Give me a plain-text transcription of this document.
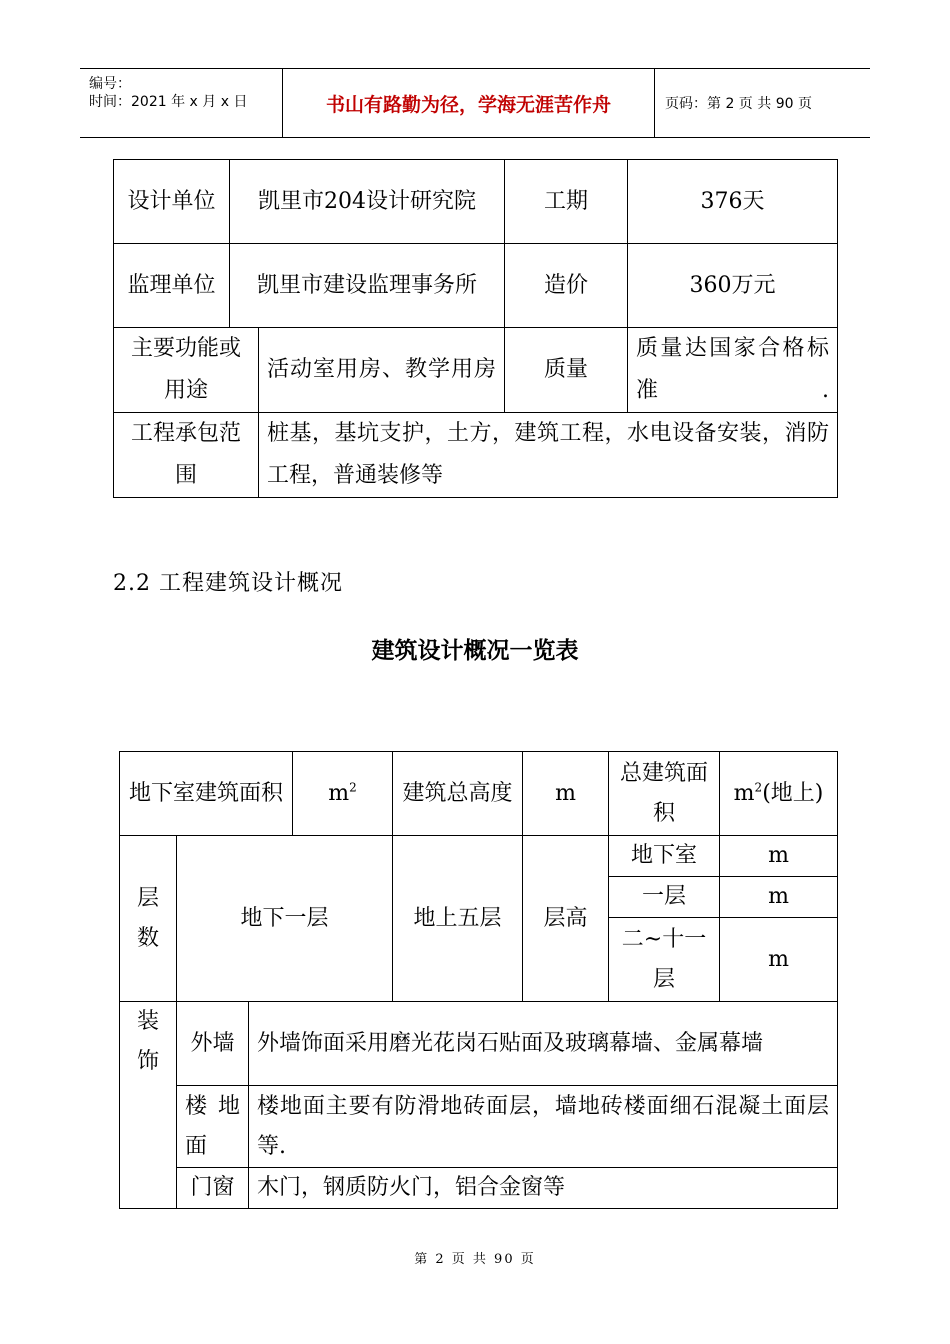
编号：
时间：2021 年 x 月 x 日	书山有路勤为径，学海无涯苦作舟	页码：第 2 页 共 90 页
设计单位	凯里市204设计研究院		工期	376天
监理单位	凯里市建设监理事务所		造价	360万元
主要功能或用途		活动室用房、教学用房	质量	质量达国家合格标准.
工程承包范围		桩基，基坑支护，土方，建筑工程，水电设备安装，消防工程，普通装修等		
2.2 工程建筑设计概况
建筑设计概况一览表
地下室建筑面积			$m^2$	建筑总高度	m	总建筑面积	$m^2$(地上)
层数	地下一层			地上五层	层高	地下室	m
						一层	m
						二~十一层	m
装饰	外墙	外墙饰面采用磨光花岗石贴面及玻璃幕墙、金属幕墙					
	楼地面	楼地面主要有防滑地砖面层，墙地砖楼面细石混凝土面层等.					
	门窗	木门，钢质防火门，铝合金窗等					
第 2 页 共 90 页
